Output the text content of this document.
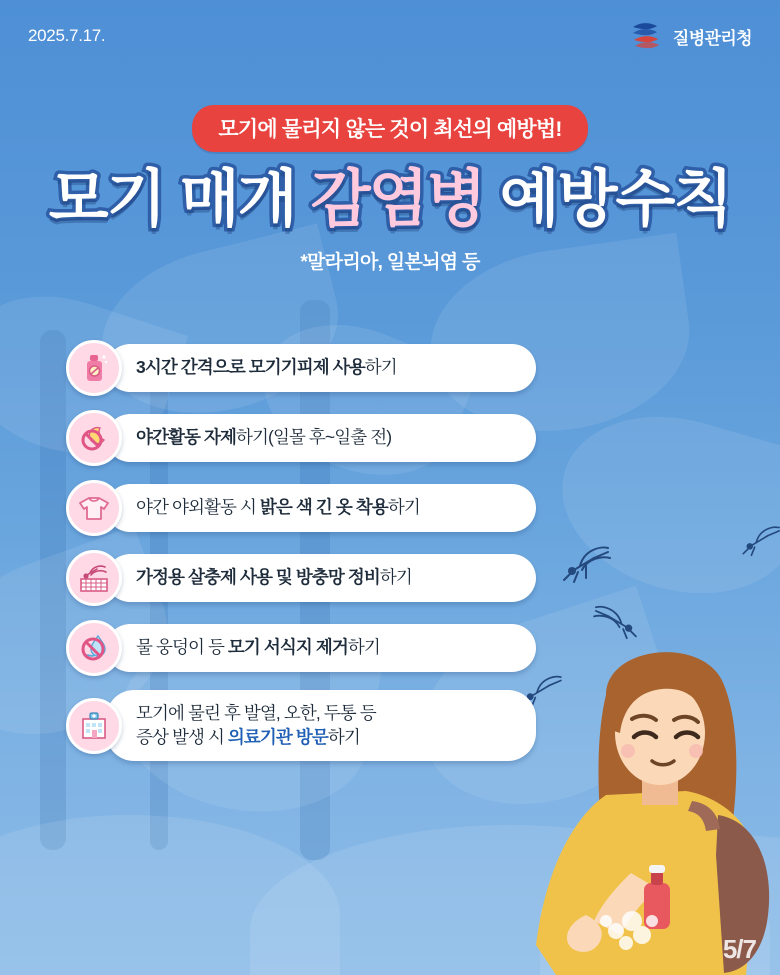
2025.7.17.	질병관리청
모기에 물리지 않는 것이 최선의 예방법!
모기 매개 감염병 예방수칙
*말라리아, 일본뇌염 등
3시간 간격으로 모기기피제 사용하기
야간활동 자제하기(일몰 후~일출 전)
야간 야외활동 시 밝은 색 긴 옷 착용하기
가정용 살충제 사용 및 방충망 정비하기
물 웅덩이 등 모기 서식지 제거하기
모기에 물린 후 발열, 오한, 두통 등
증상 발생 시 의료기관 방문하기
5/7
